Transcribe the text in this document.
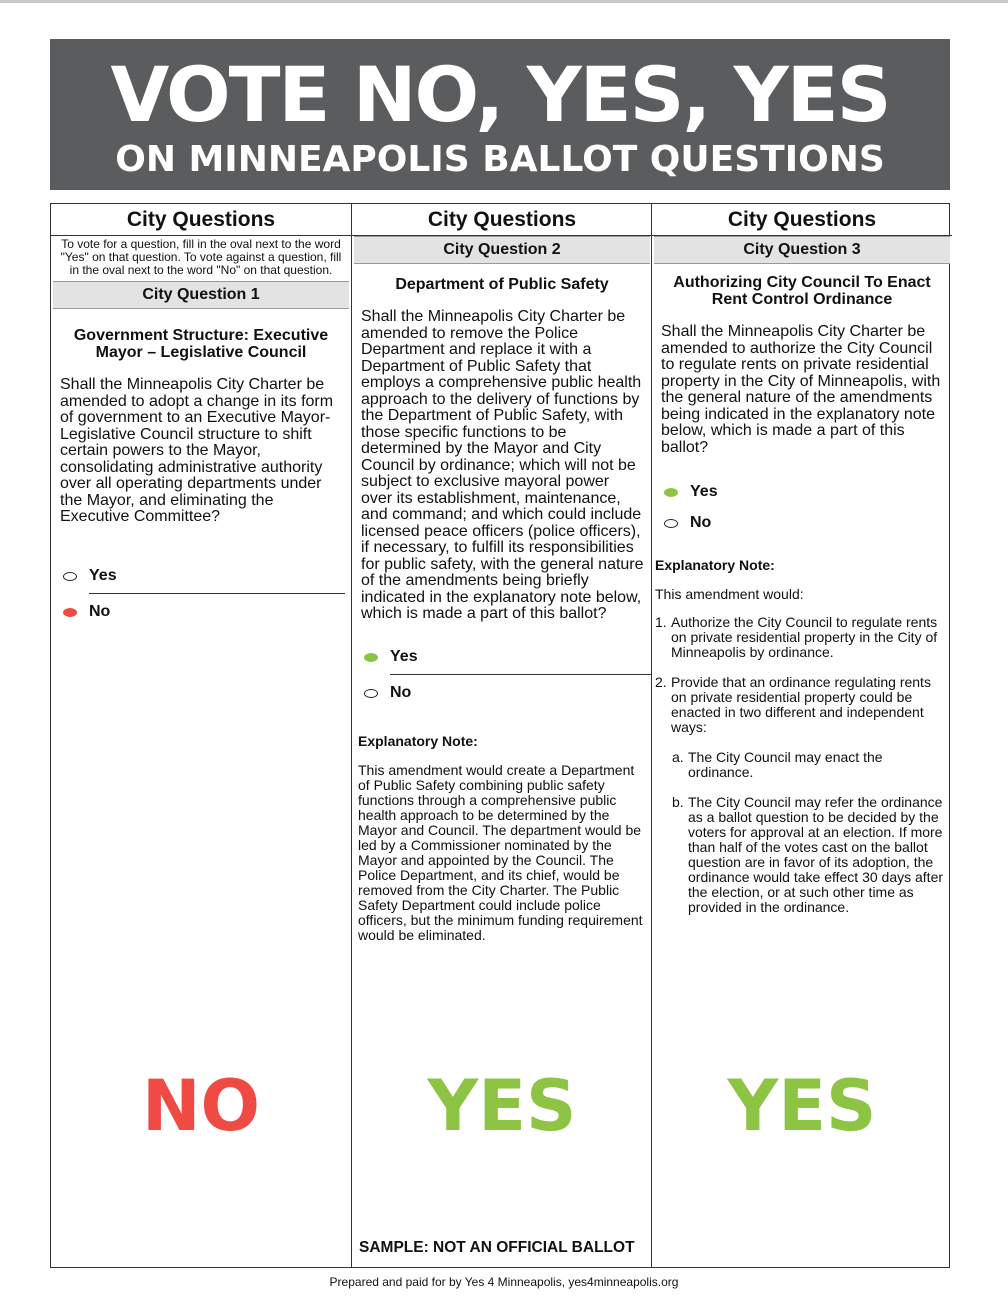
VOTE NO, YES, YES
ON MINNEAPOLIS BALLOT QUESTIONS
City Questions
To vote for a question, fill in the oval next to the word "Yes" on that question. To vote against a question, fill in the oval next to the word "No" on that question.
City Question 1
Government Structure: Executive Mayor – Legislative Council
Shall the Minneapolis City Charter be amended to adopt a change in its form of government to an Executive Mayor-Legislative Council structure to shift certain powers to the Mayor, consolidating administrative authority over all operating departments under the Mayor, and eliminating the Executive Committee?
Yes
No
NO
City Questions
City Question 2
Department of Public Safety
Shall the Minneapolis City Charter be amended to remove the Police Department and replace it with a Department of Public Safety that employs a comprehensive public health approach to the delivery of functions by the Department of Public Safety, with those specific functions to be determined by the Mayor and City Council by ordinance; which will not be subject to exclusive mayoral power over its establishment, maintenance, and command; and which could include licensed peace officers (police officers), if necessary, to fulfill its responsibilities for public safety, with the general nature of the amendments being briefly indicated in the explanatory note below, which is made a part of this ballot?
Yes
No
Explanatory Note:
This amendment would create a Department of Public Safety combining public safety functions through a comprehensive public health approach to be determined by the Mayor and Council. The department would be led by a Commissioner nominated by the Mayor and appointed by the Council. The Police Department, and its chief, would be removed from the City Charter. The Public Safety Department could include police officers, but the minimum funding requirement would be eliminated.
YES
SAMPLE: NOT AN OFFICIAL BALLOT
City Questions
City Question 3
Authorizing City Council To Enact Rent Control Ordinance
Shall the Minneapolis City Charter be amended to authorize the City Council to regulate rents on private residential property in the City of Minneapolis, with the general nature of the amendments being indicated in the explanatory note below, which is made a part of this ballot?
Yes
No
Explanatory Note:
This amendment would:
1. Authorize the City Council to regulate rents on private residential property in the City of Minneapolis by ordinance.
2. Provide that an ordinance regulating rents on private residential property could be enacted in two different and independent ways:
a. The City Council may enact the ordinance.
b. The City Council may refer the ordinance as a ballot question to be decided by the voters for approval at an election. If more than half of the votes cast on the ballot question are in favor of its adoption, the ordinance would take effect 30 days after the election, or at such other time as provided in the ordinance.
YES
Prepared and paid for by Yes 4 Minneapolis, yes4minneapolis.org
